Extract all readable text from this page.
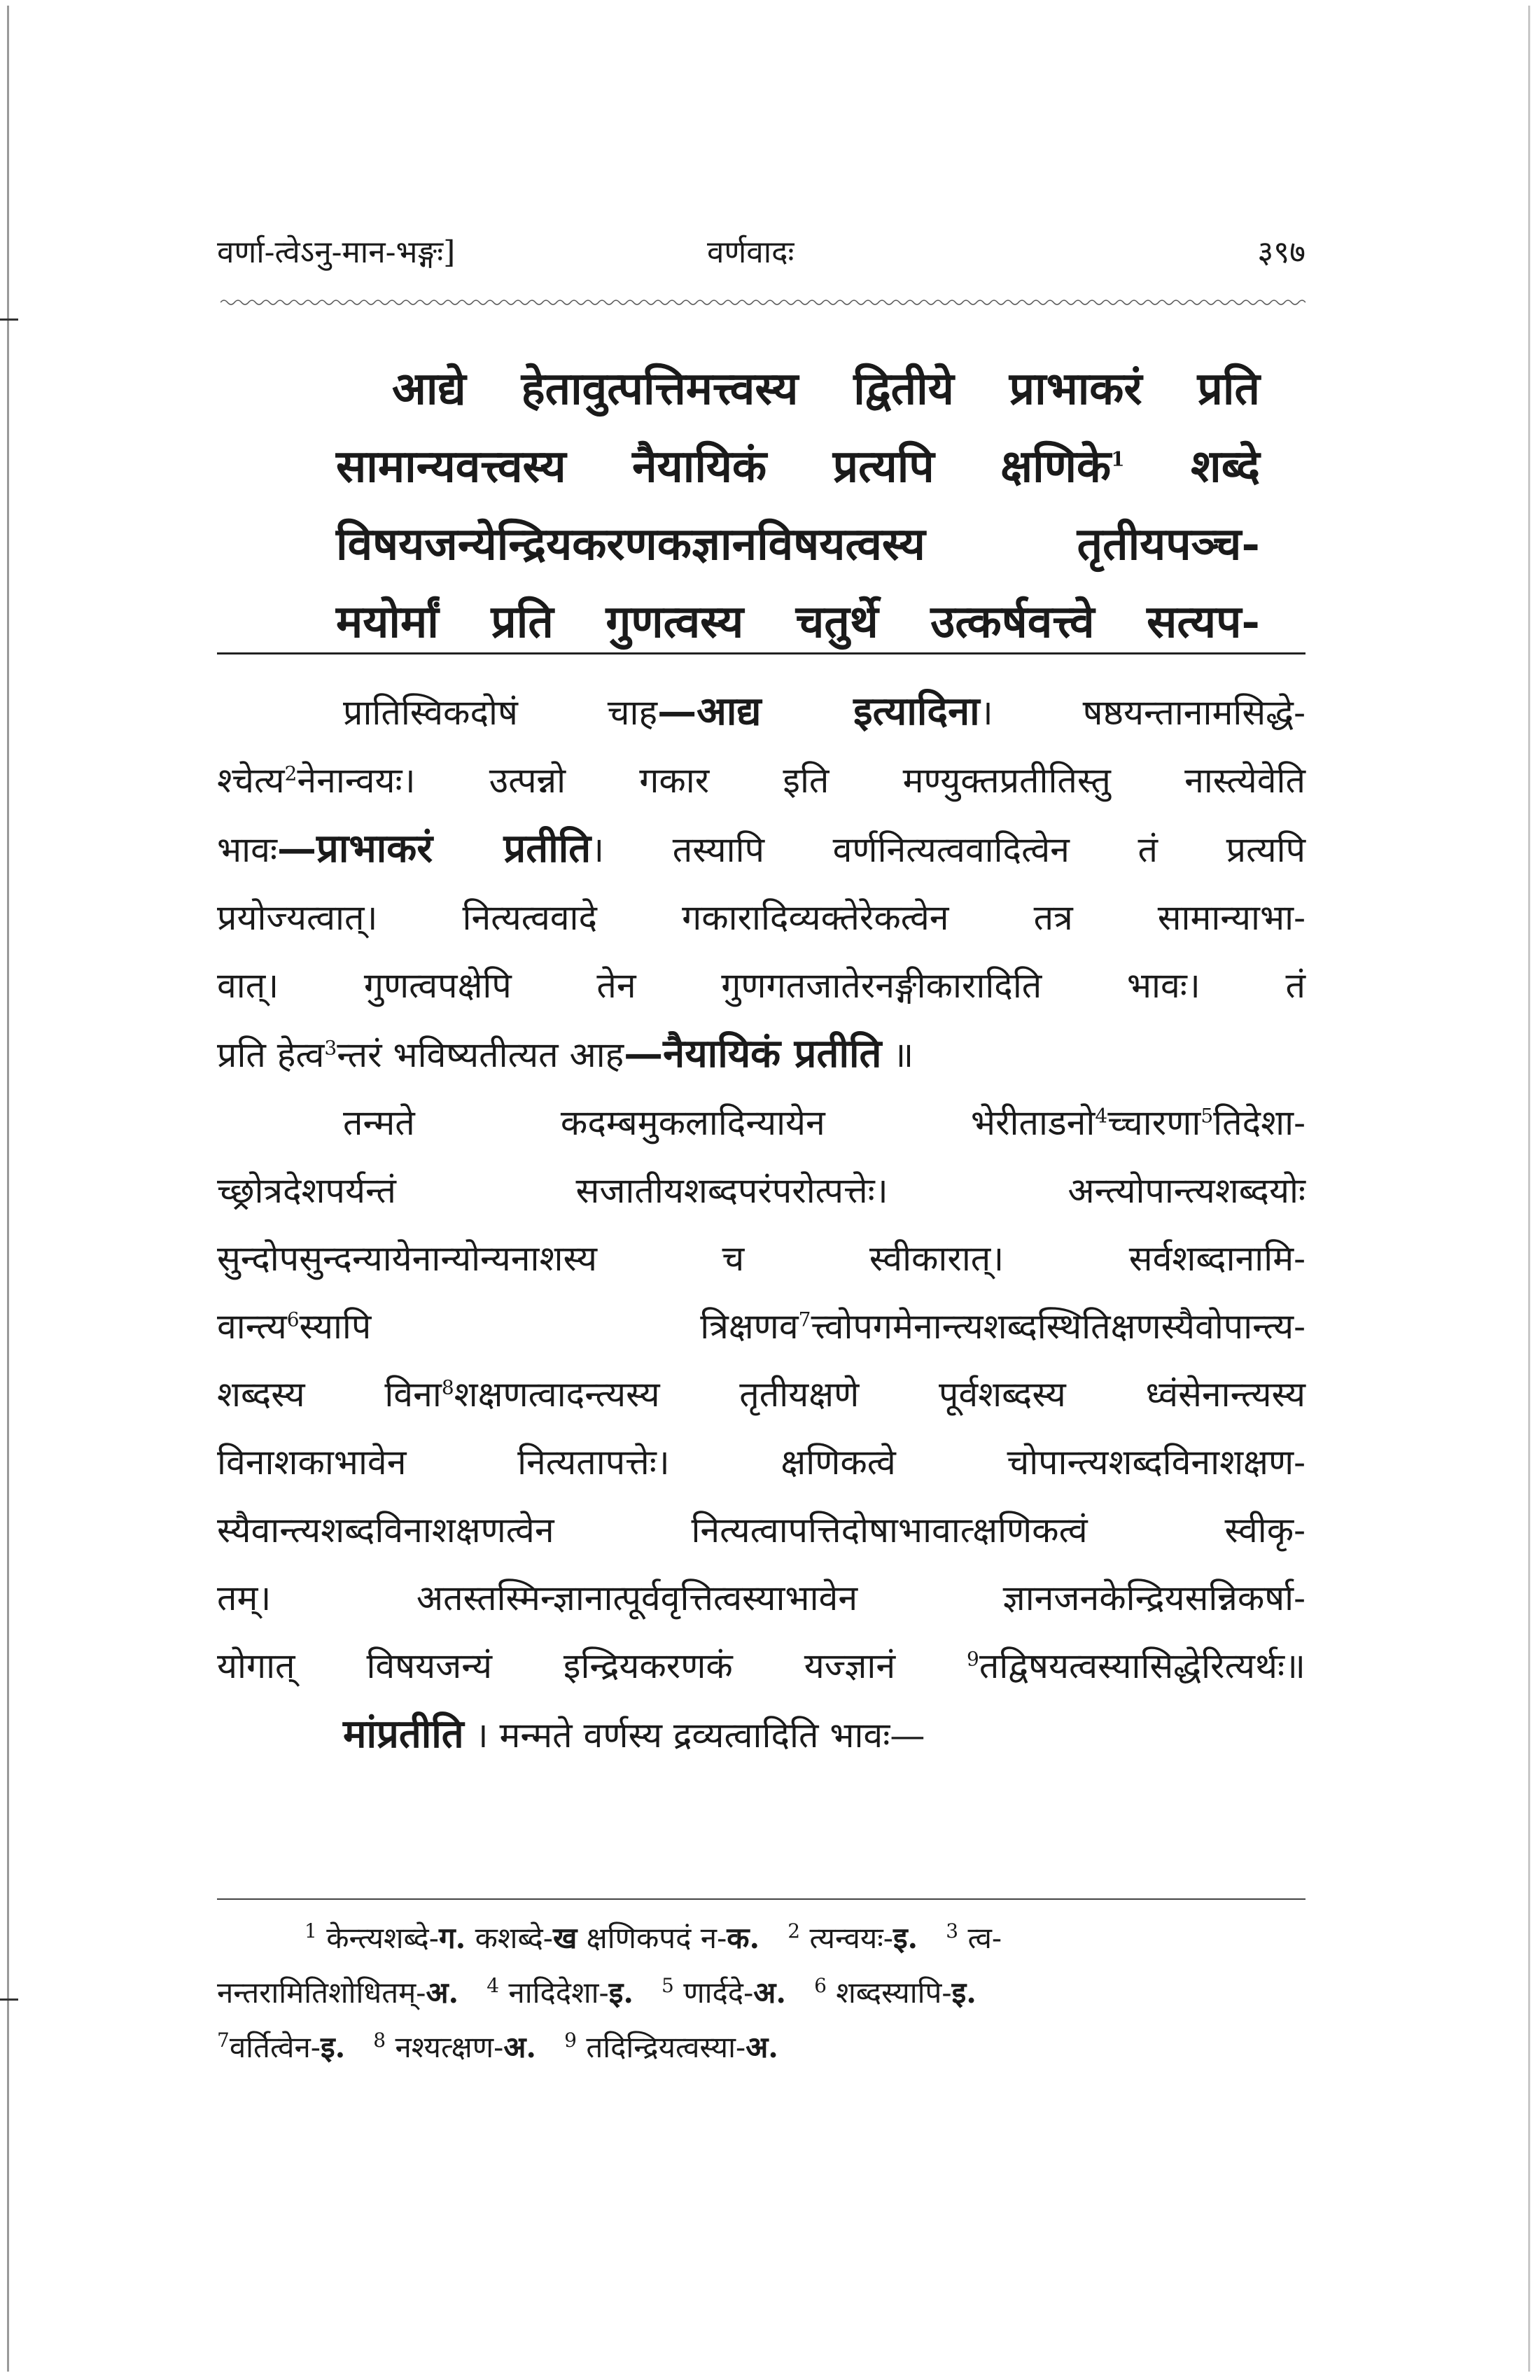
वर्णा-त्वेऽनु-मान-भङ्गः]	वर्णवादः	३९७
आद्ये हेतावुत्पत्तिमत्त्वस्य द्वितीये प्राभाकरं प्रति
सामान्यवत्त्वस्य नैयायिकं प्रत्यपि क्षणिके$^1$ शब्दे
विषयजन्येन्द्रियकरणकज्ञानविषयत्वस्य तृतीयपञ्च-
मयोर्मां प्रति गुणत्वस्य चतुर्थे उत्कर्षवत्त्वे सत्यप-
प्रातिस्विकदोषं चाह—आद्य इत्यादिना। षष्ठयन्तानामसिद्धे-
श्चेत्य$^2$नेनान्वयः। उत्पन्नो गकार इति मण्युक्तप्रतीतिस्तु नास्त्येवेति
भावः—प्राभाकरं प्रतीति। तस्यापि वर्णनित्यत्ववादित्वेन तं प्रत्यपि
प्रयोज्यत्वात्। नित्यत्ववादे गकारादिव्यक्तेरेकत्वेन तत्र सामान्याभा-
वात्। गुणत्वपक्षेपि तेन गुणगतजातेरनङ्गीकारादिति भावः। तं
प्रति हेत्व$^3$न्तरं भविष्यतीत्यत आह—नैयायिकं प्रतीति ॥
तन्मते कदम्बमुकलादिन्यायेन भेरीताडनो$^4$च्चारणा$^5$तिदेशा-
च्छ्रोत्रदेशपर्यन्तं सजातीयशब्दपरंपरोत्पत्तेः। अन्त्योपान्त्यशब्दयोः
सुन्दोपसुन्दन्यायेनान्योन्यनाशस्य च स्वीकारात्। सर्वशब्दानामि-
वान्त्य$^6$स्यापि त्रिक्षणव$^7$त्त्वोपगमेनान्त्यशब्दस्थितिक्षणस्यैवोपान्त्य-
शब्दस्य विना$^8$शक्षणत्वादन्त्यस्य तृतीयक्षणे पूर्वशब्दस्य ध्वंसेनान्त्यस्य
विनाशकाभावेन नित्यतापत्तेः। क्षणिकत्वे चोपान्त्यशब्दविनाशक्षण-
स्यैवान्त्यशब्दविनाशक्षणत्वेन नित्यत्वापत्तिदोषाभावात्क्षणिकत्वं स्वीकृ-
तम्। अतस्तस्मिन्ज्ञानात्पूर्ववृत्तित्वस्याभावेन ज्ञानजनकेन्द्रियसन्निकर्षा-
योगात् विषयजन्यं इन्द्रियकरणकं यज्ज्ञानं	$^9$तद्विषयत्वस्यासिद्धेरित्यर्थः॥
मांप्रतीति । मन्मते वर्णस्य द्रव्यत्वादिति भावः—
$^1$ केन्त्यशब्दे-ग. कशब्दे-ख क्षणिकपदं न-क. $^2$ त्यन्वयः-इ. $^3$ त्व-
नन्तरामितिशोधितम्-अ. $^4$ नादिदेशा-इ. $^5$ णार्ददे-अ. $^6$ शब्दस्यापि-इ.
$^7$वर्तित्वेन-इ. $^8$ नश्यत्क्षण-अ. $^9$ तदिन्द्रियत्वस्या-अ.
